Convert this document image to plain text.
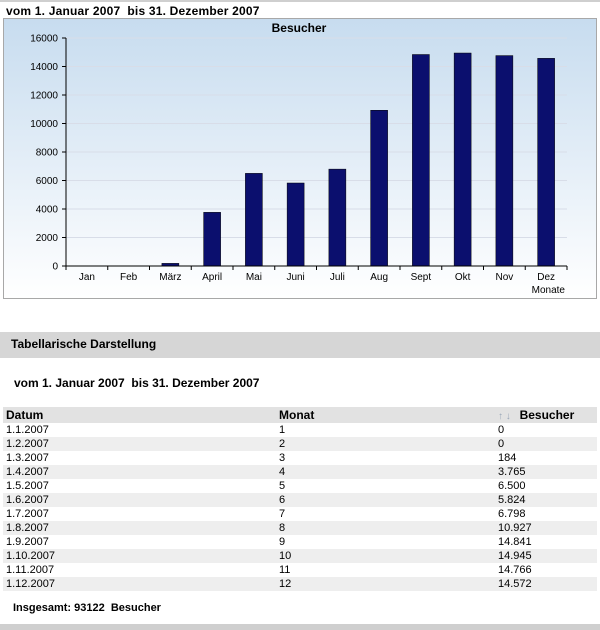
vom 1. Januar 2007  bis 31. Dezember 2007
Besucher
0
2000
4000
6000
8000
10000
12000
14000
16000
Jan	Feb März April Mai Juni	Juli	Aug Sept Okt	Nov Dez
Monate
Tabellarische Darstellung
vom 1. Januar 2007  bis 31. Dezember 2007
Datum	Monat	↑ ↓ Besucher
1.1.2007	1	0
1.2.2007	2	0
1.3.2007	3	184
1.4.2007	4	3.765
1.5.2007	5	6.500
1.6.2007	6	5.824
1.7.2007	7	6.798
1.8.2007	8	10.927
1.9.2007	9	14.841
1.10.2007	10	14.945
1.11.2007	11	14.766
1.12.2007	12	14.572
Insgesamt: 93122  Besucher
